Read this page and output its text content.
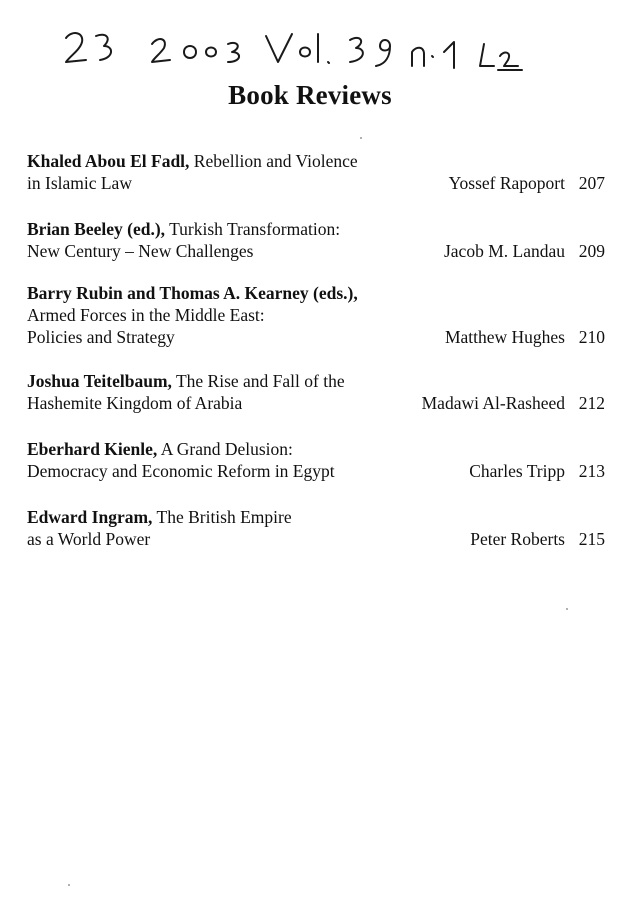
Book Reviews
Khaled Abou El Fadl, Rebellion and Violence
in Islamic Law	Yossef Rapoport 207
Brian Beeley (ed.), Turkish Transformation:
New Century – New Challenges	Jacob M. Landau 209
Barry Rubin and Thomas A. Kearney (eds.),
Armed Forces in the Middle East:
Policies and Strategy	Matthew Hughes 210
Joshua Teitelbaum, The Rise and Fall of the
Hashemite Kingdom of Arabia	Madawi Al-Rasheed 212
Eberhard Kienle, A Grand Delusion:
Democracy and Economic Reform in Egypt	Charles Tripp 213
Edward Ingram, The British Empire
as a World Power	Peter Roberts 215
